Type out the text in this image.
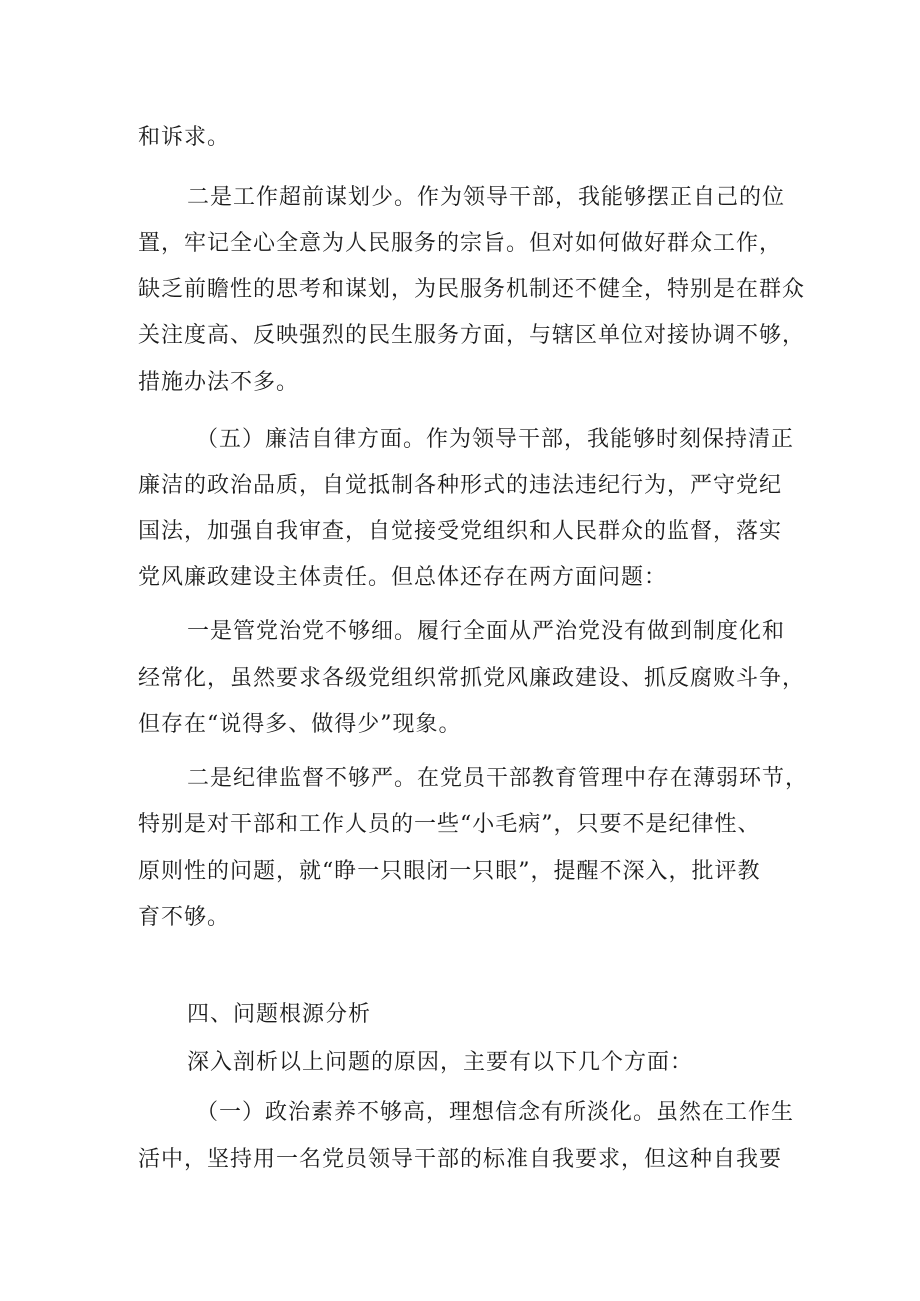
和诉求。
二是工作超前谋划少。作为领导干部，我能够摆正自己的位
置，牢记全心全意为人民服务的宗旨。但对如何做好群众工作，
缺乏前瞻性的思考和谋划，为民服务机制还不健全，特别是在群众
关注度高、反映强烈的民生服务方面，与辖区单位对接协调不够，
措施办法不多。
（五）廉洁自律方面。作为领导干部，我能够时刻保持清正
廉洁的政治品质，自觉抵制各种形式的违法违纪行为，严守党纪
国法，加强自我审查，自觉接受党组织和人民群众的监督，落实
党风廉政建设主体责任。但总体还存在两方面问题：
一是管党治党不够细。履行全面从严治党没有做到制度化和
经常化，虽然要求各级党组织常抓党风廉政建设、抓反腐败斗争，
但存在“说得多、做得少”现象。
二是纪律监督不够严。在党员干部教育管理中存在薄弱环节，
特别是对干部和工作人员的一些“小毛病”，只要不是纪律性、
原则性的问题，就“睁一只眼闭一只眼”，提醒不深入，批评教
育不够。
四、问题根源分析
深入剖析以上问题的原因，主要有以下几个方面：
（一）政治素养不够高，理想信念有所淡化。虽然在工作生
活中，坚持用一名党员领导干部的标准自我要求，但这种自我要
